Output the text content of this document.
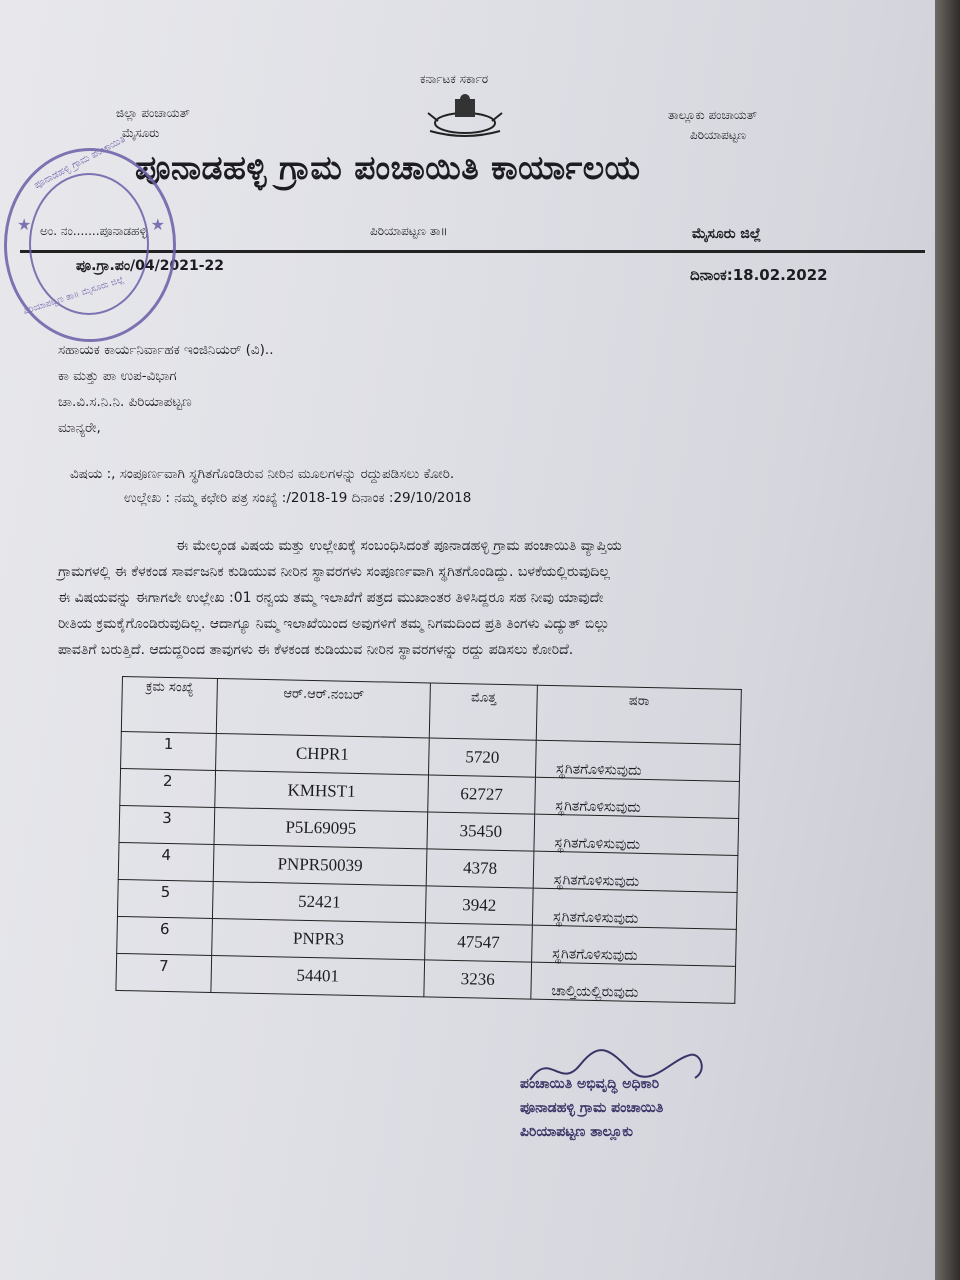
ಕರ್ನಾಟಕ ಸರ್ಕಾರ
ಜಿಲ್ಲಾ ಪಂಚಾಯತ್
ಮೈಸೂರು
ತಾಲ್ಲೂಕು ಪಂಚಾಯತ್
ಪಿರಿಯಾಪಟ್ಟಣ
ಪೂನಾಡಹಳ್ಳಿ ಗ್ರಾಮ ಪಂಚಾಯಿತಿ ಕಾರ್ಯಾಲಯ
ಅಂ. ನಂ.......ಪೂನಾಡಹಳ್ಳಿ	ಪಿರಿಯಾಪಟ್ಟಣ ತಾ॥	ಮೈಸೂರು ಜಿಲ್ಲೆ
ಪೂ.ಗ್ರಾ.ಪಂ/04/2021-22	ದಿನಾಂಕ:18.02.2022
★	★
ಪೂನಾಡಹಳ್ಳಿ ಗ್ರಾಮ ಪಂಚಾಯಿತಿ
ಪಿರಿಯಾಪಟ್ಟಣ ತಾ॥ ಮೈಸೂರು ಜಿಲ್ಲೆ
ಸಹಾಯಕ ಕಾರ್ಯನಿರ್ವಾಹಕ ಇಂಜಿನಿಯರ್ (ವಿ)..
ಕಾ ಮತ್ತು ಪಾ ಉಪ-ವಿಭಾಗ
ಚಾ.ವಿ.ಸ.ನಿ.ನಿ. ಪಿರಿಯಾಪಟ್ಟಣ
ಮಾನ್ಯರೇ,
ವಿಷಯ :, ಸಂಪೂರ್ಣವಾಗಿ ಸ್ಥಗಿತಗೊಂಡಿರುವ ನೀರಿನ ಮೂಲಗಳನ್ನು ರದ್ದುಪಡಿಸಲು ಕೋರಿ.
ಉಲ್ಲೇಖ : ನಮ್ಮ ಕಛೇರಿ ಪತ್ರ ಸಂಖ್ಯೆ :/2018-19 ದಿನಾಂಕ :29/10/2018
ಈ ಮೇಲ್ಕಂಡ ವಿಷಯ ಮತ್ತು ಉಲ್ಲೇಖಕ್ಕೆ ಸಂಬಂಧಿಸಿದಂತೆ ಪೂನಾಡಹಳ್ಳಿ ಗ್ರಾಮ ಪಂಚಾಯಿತಿ ವ್ಯಾಪ್ತಿಯ
ಗ್ರಾಮಗಳಲ್ಲಿ ಈ ಕೆಳಕಂಡ ಸಾರ್ವಜನಿಕ ಕುಡಿಯುವ ನೀರಿನ ಸ್ಥಾವರಗಳು ಸಂಪೂರ್ಣವಾಗಿ ಸ್ಥಗಿತಗೊಂಡಿದ್ದು. ಬಳಕೆಯಲ್ಲಿರುವುದಿಲ್ಲ
ಈ ವಿಷಯವನ್ನು ಈಗಾಗಲೇ ಉಲ್ಲೇಖ :01 ರನ್ವಯ ತಮ್ಮ ಇಲಾಖೆಗೆ ಪತ್ರದ ಮುಖಾಂತರ ತಿಳಿಸಿದ್ದರೂ ಸಹ ನೀವು ಯಾವುದೇ
ರೀತಿಯ ಕ್ರಮಕೈಗೊಂಡಿರುವುದಿಲ್ಲ. ಆದಾಗ್ಯೂ ನಿಮ್ಮ ಇಲಾಖೆಯಿಂದ ಅವುಗಳಿಗೆ ತಮ್ಮ ನಿಗಮದಿಂದ ಪ್ರತಿ ತಿಂಗಳು ವಿದ್ಯುತ್ ಬಿಲ್ಲು
ಪಾವತಿಗೆ ಬರುತ್ತಿದೆ. ಆದುದ್ದರಿಂದ ತಾವುಗಳು ಈ ಕೆಳಕಂಡ ಕುಡಿಯುವ ನೀರಿನ ಸ್ಥಾವರಗಳನ್ನು ರದ್ದು ಪಡಿಸಲು ಕೋರಿದೆ.
ಕ್ರಮ ಸಂಖ್ಯೆ	ಆರ್.ಆರ್.ನಂಬರ್	ಮೊತ್ತ	ಷರಾ
1	CHPR1	5720	ಸ್ಥಗಿತಗೊಳಿಸುವುದು
2	KMHST1	62727	ಸ್ಥಗಿತಗೊಳಿಸುವುದು
3	P5L69095	35450	ಸ್ಥಗಿತಗೊಳಿಸುವುದು
4	PNPR50039	4378	ಸ್ಥಗಿತಗೊಳಿಸುವುದು
5	52421	3942	ಸ್ಥಗಿತಗೊಳಿಸುವುದು
6	PNPR3	47547	ಸ್ಥಗಿತಗೊಳಿಸುವುದು
7	54401	3236	ಚಾಲ್ತಿಯಲ್ಲಿರುವುದು
ಪಂಚಾಯಿತಿ ಅಭಿವೃದ್ಧಿ ಅಧಿಕಾರಿ
ಪೂನಾಡಹಳ್ಳಿ ಗ್ರಾಮ ಪಂಚಾಯಿತಿ
ಪಿರಿಯಾಪಟ್ಟಣ ತಾಲ್ಲೂಕು
